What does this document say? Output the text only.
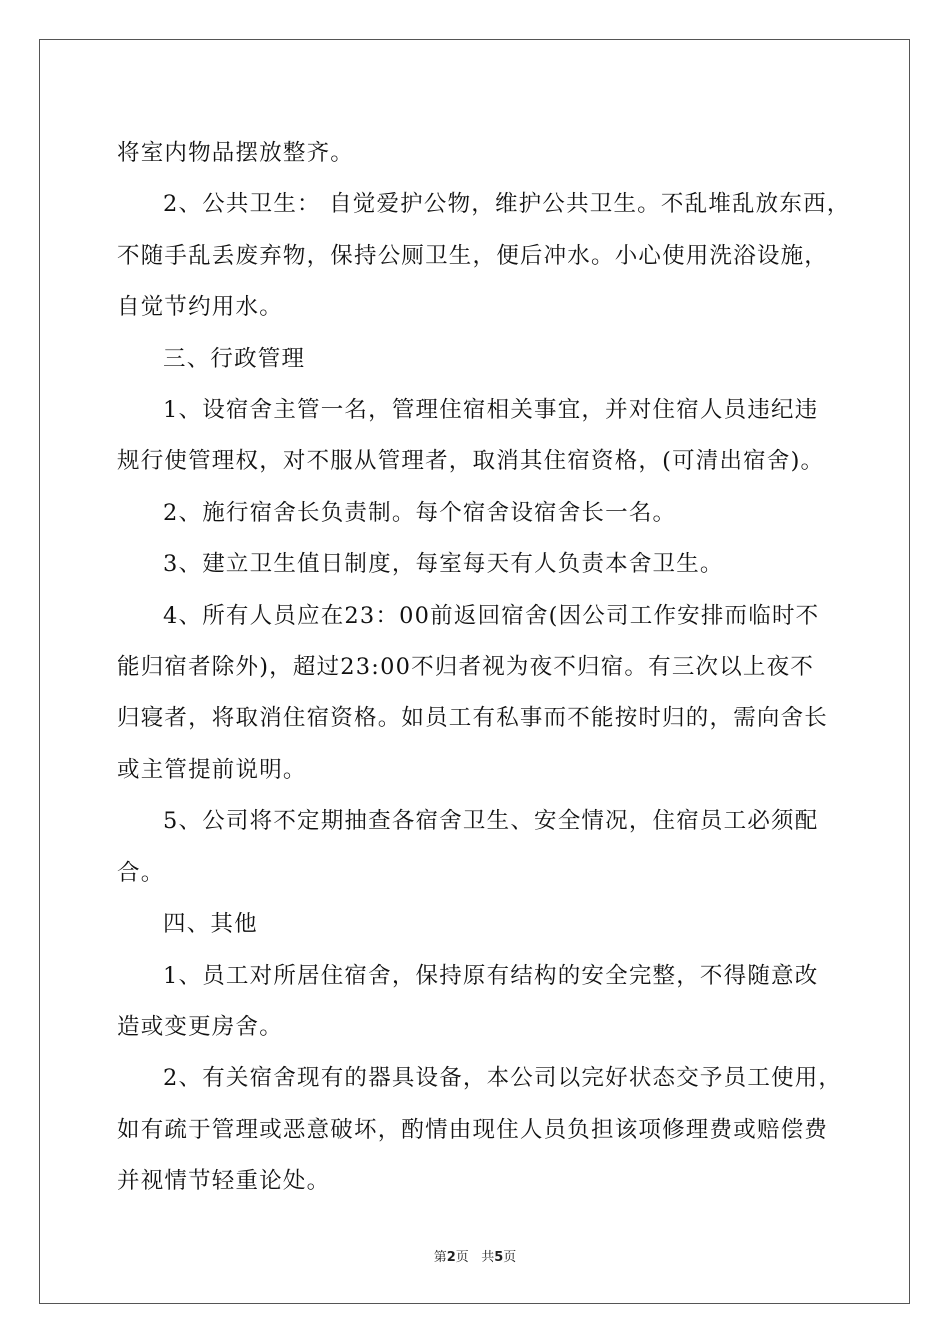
将室内物品摆放整齐。

2、公共卫生： 自觉爱护公物，维护公共卫生。不乱堆乱放东西，
不随手乱丢废弃物，保持公厕卫生，便后冲水。小心使用洗浴设施，
自觉节约用水。

三、行政管理

1、设宿舍主管一名，管理住宿相关事宜，并对住宿人员违纪违
规行使管理权，对不服从管理者，取消其住宿资格，(可清出宿舍)。

2、施行宿舍长负责制。每个宿舍设宿舍长一名。

3、建立卫生值日制度，每室每天有人负责本舍卫生。

4、所有人员应在23：00前返回宿舍(因公司工作安排而临时不
能归宿者除外)，超过23:00不归者视为夜不归宿。有三次以上夜不
归寝者，将取消住宿资格。如员工有私事而不能按时归的，需向舍长
或主管提前说明。

5、公司将不定期抽查各宿舍卫生、安全情况，住宿员工必须配
合。

四、其他

1、员工对所居住宿舍，保持原有结构的安全完整，不得随意改
造或变更房舍。

2、有关宿舍现有的器具设备，本公司以完好状态交予员工使用，
如有疏于管理或恶意破坏，酌情由现住人员负担该项修理费或赔偿费
并视情节轻重论处。

第2页 共5页
